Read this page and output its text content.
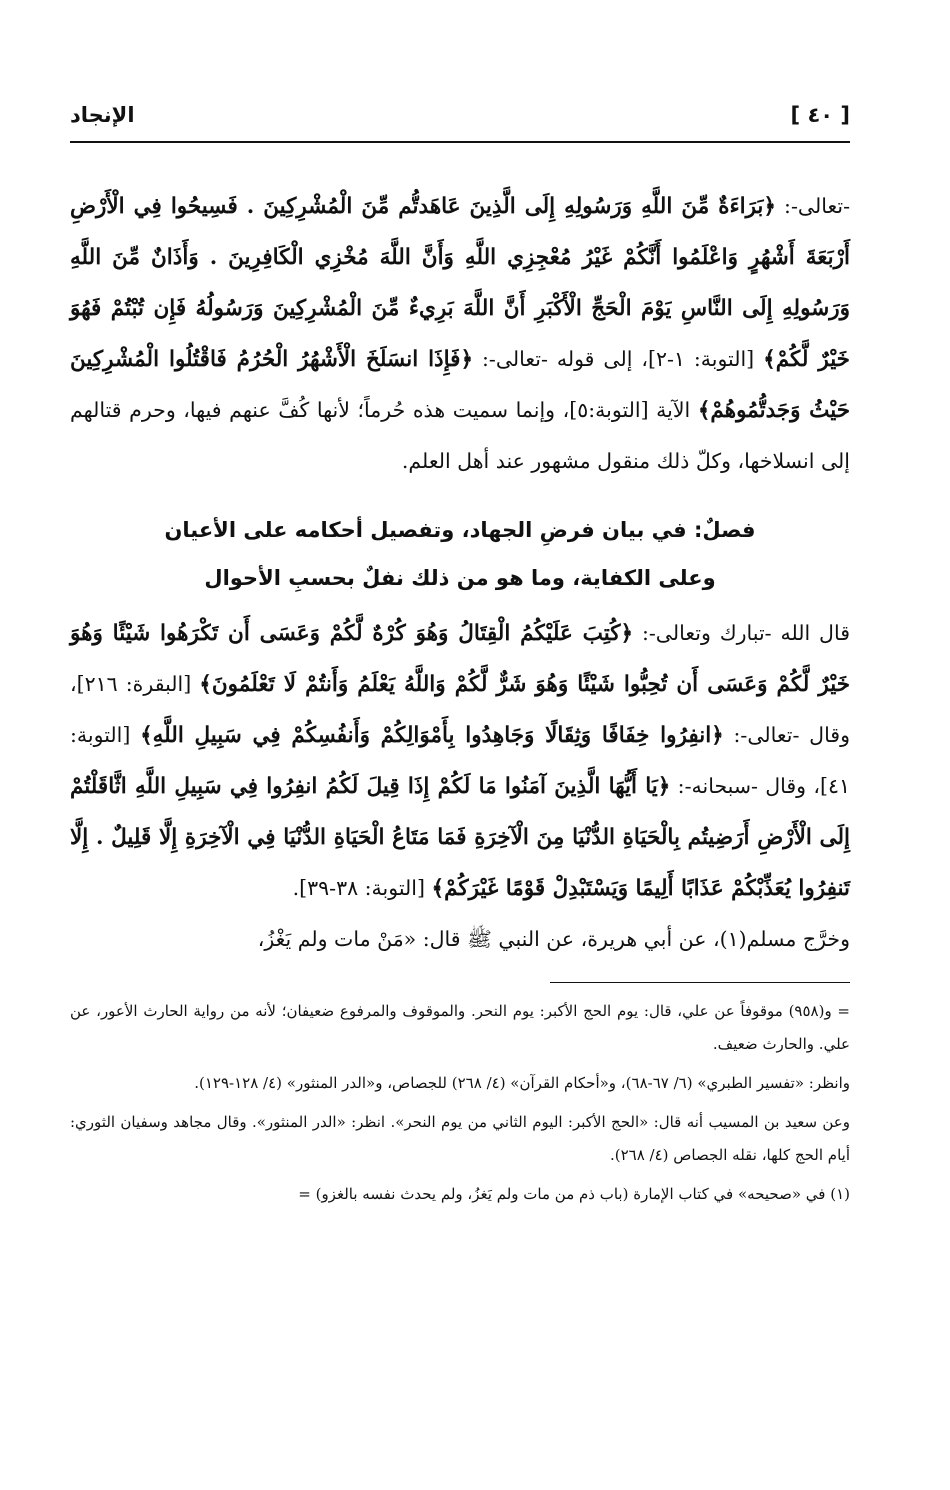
[ ٤٠ ]
الإنجاد

-تعالى-: ﴿بَرَاءَةٌ مِّنَ اللَّهِ وَرَسُولِهِ إِلَى الَّذِينَ عَاهَدتُّم مِّنَ الْمُشْرِكِينَ . فَسِيحُوا فِي الْأَرْضِ أَرْبَعَةَ أَشْهُرٍ وَاعْلَمُوا أَنَّكُمْ غَيْرُ مُعْجِزِي اللَّهِ وَأَنَّ اللَّهَ مُخْزِي الْكَافِرِينَ . وَأَذَانٌ مِّنَ اللَّهِ وَرَسُولِهِ إِلَى النَّاسِ يَوْمَ الْحَجِّ الْأَكْبَرِ أَنَّ اللَّهَ بَرِيءٌ مِّنَ الْمُشْرِكِينَ وَرَسُولُهُ فَإِن تُبْتُمْ فَهُوَ خَيْرٌ لَّكُمْ﴾ [التوبة: ١-٢]، إلى قوله -تعالى-: ﴿فَإِذَا انسَلَخَ الْأَشْهُرُ الْحُرُمُ فَاقْتُلُوا الْمُشْرِكِينَ حَيْثُ وَجَدتُّمُوهُمْ﴾ الآية [التوبة:٥]، وإنما سميت هذه حُرماً؛ لأنها كُفَّ عنهم فيها، وحرم قتالهم إلى انسلاخها، وكلّ ذلك منقول مشهور عند أهل العلم.

فصلٌ: في بيان فرضِ الجهاد، وتفصيل أحكامه على الأعيان
وعلى الكفاية، وما هو من ذلك نفلٌ بحسبِ الأحوال

قال الله -تبارك وتعالى-: ﴿كُتِبَ عَلَيْكُمُ الْقِتَالُ وَهُوَ كُرْهٌ لَّكُمْ وَعَسَى أَن تَكْرَهُوا شَيْئًا وَهُوَ خَيْرٌ لَّكُمْ وَعَسَى أَن تُحِبُّوا شَيْئًا وَهُوَ شَرٌّ لَّكُمْ وَاللَّهُ يَعْلَمُ وَأَنتُمْ لَا تَعْلَمُونَ﴾ [البقرة: ٢١٦]، وقال -تعالى-: ﴿انفِرُوا خِفَافًا وَثِقَالًا وَجَاهِدُوا بِأَمْوَالِكُمْ وَأَنفُسِكُمْ فِي سَبِيلِ اللَّهِ﴾ [التوبة: ٤١]، وقال -سبحانه-: ﴿يَا أَيُّهَا الَّذِينَ آمَنُوا مَا لَكُمْ إِذَا قِيلَ لَكُمُ انفِرُوا فِي سَبِيلِ اللَّهِ اثَّاقَلْتُمْ إِلَى الْأَرْضِ أَرَضِيتُم بِالْحَيَاةِ الدُّنْيَا مِنَ الْآخِرَةِ فَمَا مَتَاعُ الْحَيَاةِ الدُّنْيَا فِي الْآخِرَةِ إِلَّا قَلِيلٌ . إِلَّا تَنفِرُوا يُعَذِّبْكُمْ عَذَابًا أَلِيمًا وَيَسْتَبْدِلْ قَوْمًا غَيْرَكُمْ﴾ [التوبة: ٣٨-٣٩].

وخرَّج مسلم(١)، عن أبي هريرة، عن النبي ﷺ قال: «مَنْ مات ولم يَغْزُ،

= و(٩٥٨) موقوفاً عن علي، قال: يوم الحج الأكبر: يوم النحر. والموقوف والمرفوع ضعيفان؛ لأنه من رواية الحارث الأعور، عن علي. والحارث ضعيف.

وانظر: «تفسير الطبري» (٦/ ٦٧-٦٨)، و«أحكام القرآن» (٤/ ٢٦٨) للجصاص، و«الدر المنثور» (٤/ ١٢٨-١٢٩).

وعن سعيد بن المسيب أنه قال: «الحج الأكبر: اليوم الثاني من يوم النحر». انظر: «الدر المنثور». وقال مجاهد وسفيان الثوري: أيام الحج كلها، نقله الجصاص (٤/ ٢٦٨).

(١) في «صحيحه» في كتاب الإمارة (باب ذم من مات ولم يَغزُ، ولم يحدث نفسه بالغزو) =
